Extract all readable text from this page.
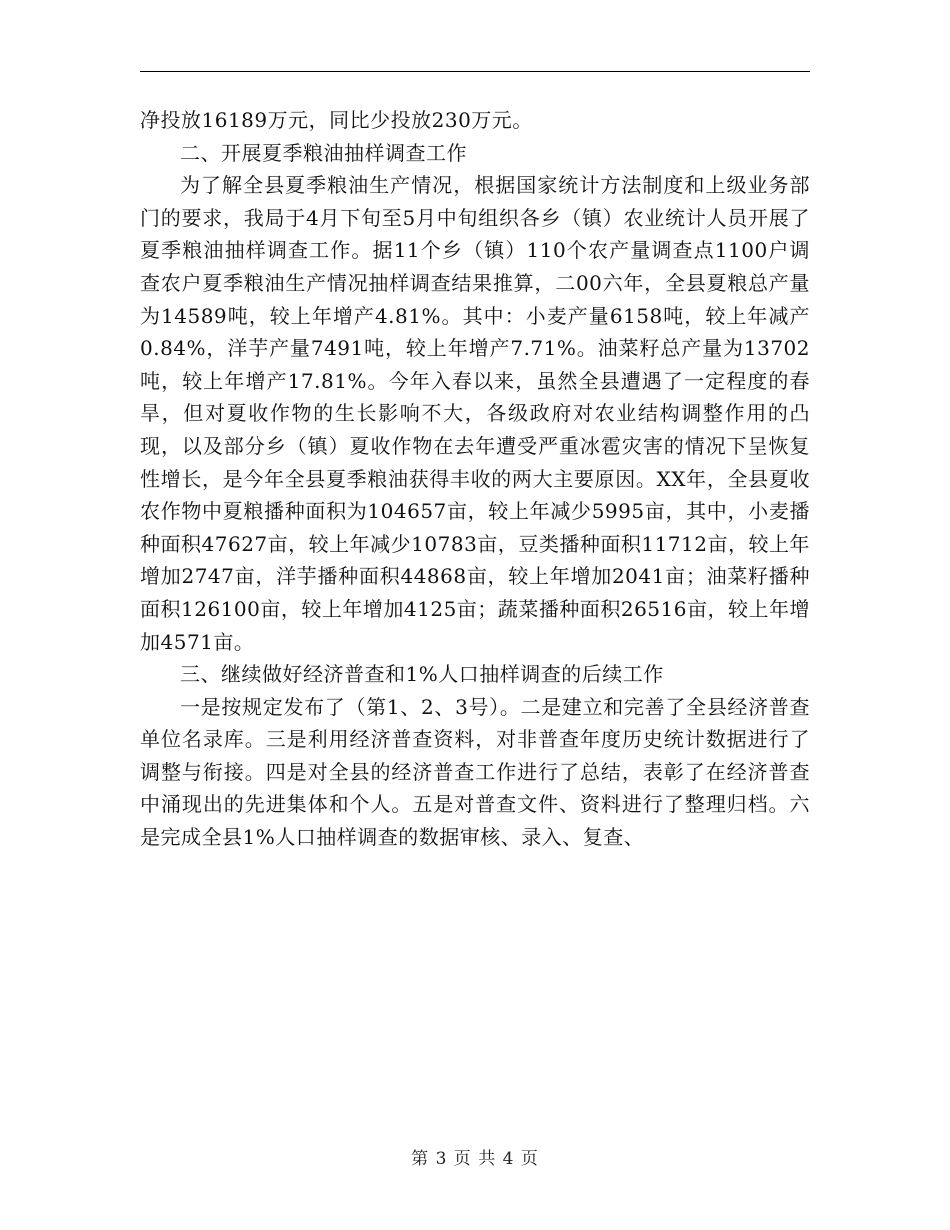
净投放16189万元，同比少投放230万元。

二、开展夏季粮油抽样调查工作

为了解全县夏季粮油生产情况，根据国家统计方法制度和上级业务部门的要求，我局于4月下旬至5月中旬组织各乡（镇）农业统计人员开展了夏季粮油抽样调查工作。据11个乡（镇）110个农产量调查点1100户调查农户夏季粮油生产情况抽样调查结果推算，二00六年，全县夏粮总产量为14589吨，较上年增产4.81%。其中：小麦产量6158吨，较上年减产0.84%，洋芋产量7491吨，较上年增产7.71%。油菜籽总产量为13702吨，较上年增产17.81%。今年入春以来，虽然全县遭遇了一定程度的春旱，但对夏收作物的生长影响不大，各级政府对农业结构调整作用的凸现，以及部分乡（镇）夏收作物在去年遭受严重冰雹灾害的情况下呈恢复性增长，是今年全县夏季粮油获得丰收的两大主要原因。XX年，全县夏收农作物中夏粮播种面积为104657亩，较上年减少5995亩，其中，小麦播种面积47627亩，较上年减少10783亩，豆类播种面积11712亩，较上年增加2747亩，洋芋播种面积44868亩，较上年增加2041亩；油菜籽播种面积126100亩，较上年增加4125亩；蔬菜播种面积26516亩，较上年增加4571亩。

三、继续做好经济普查和1%人口抽样调查的后续工作

一是按规定发布了（第1、2、3号）。二是建立和完善了全县经济普查单位名录库。三是利用经济普查资料，对非普查年度历史统计数据进行了调整与衔接。四是对全县的经济普查工作进行了总结，表彰了在经济普查中涌现出的先进集体和个人。五是对普查文件、资料进行了整理归档。六是完成全县1%人口抽样调查的数据审核、录入、复查、

第 3 页 共 4 页
